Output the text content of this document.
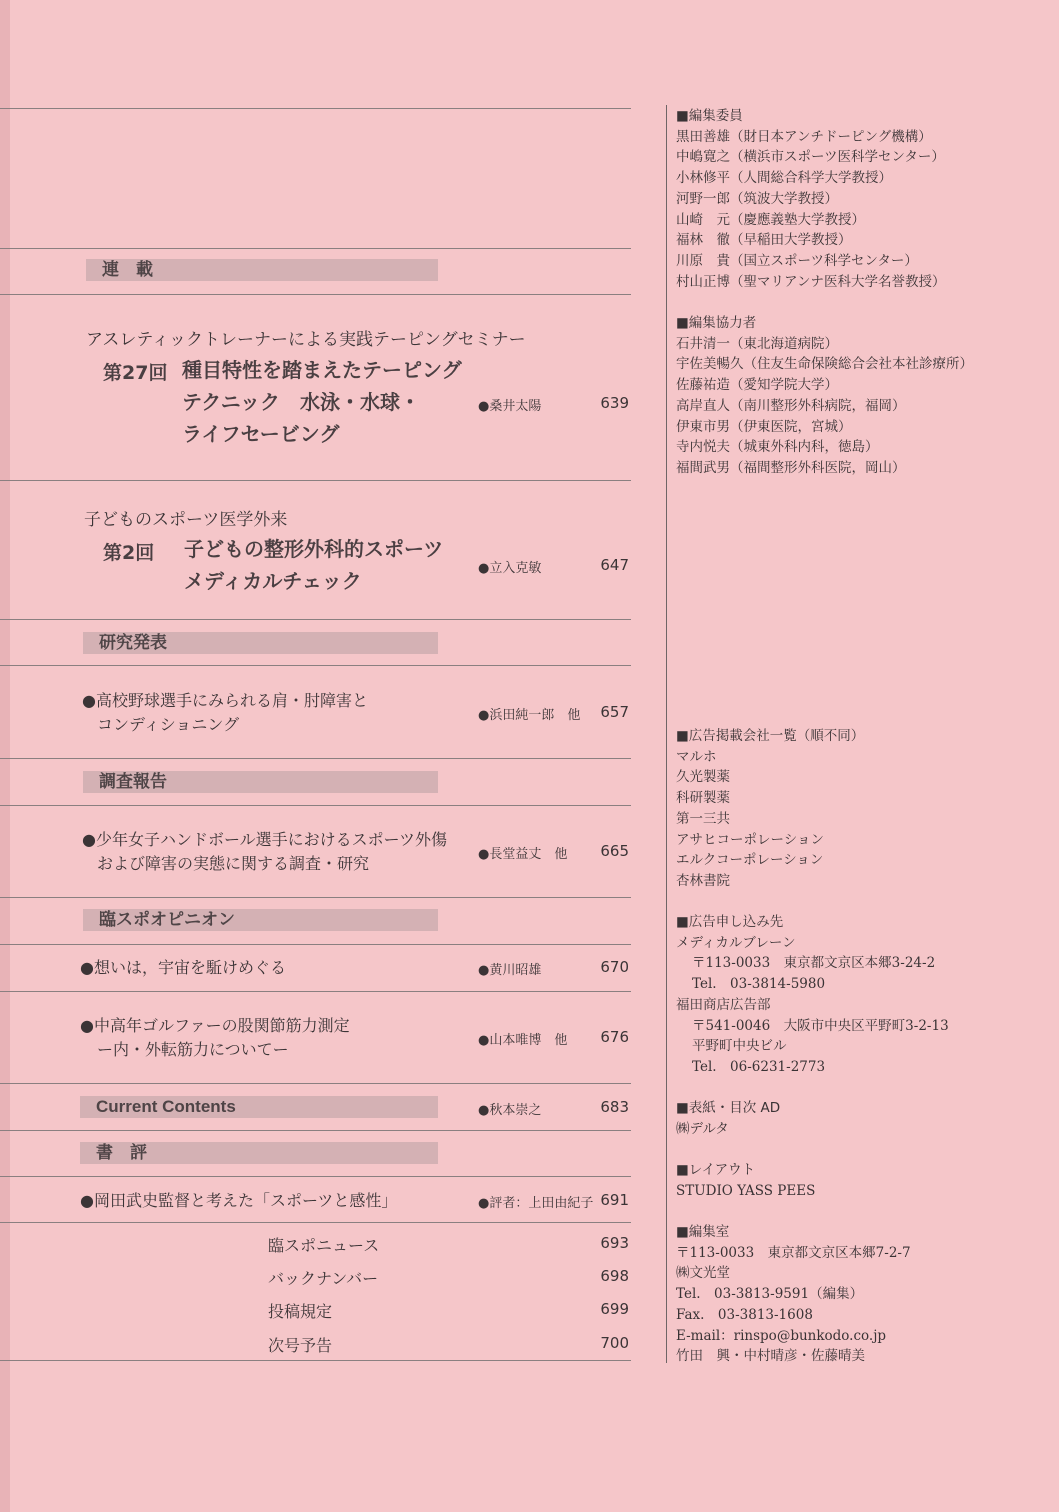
連　載
アスレティックトレーナーによる実践テーピングセミナー
第27回 種目特性を踏まえたテーピング
テクニック　水泳・水球・
ライフセービング
●桑井太陽	639
子どものスポーツ医学外来
第2回 子どもの整形外科的スポーツ
メディカルチェック
●立入克敏	647
研究発表
●高校野球選手にみられる肩・肘障害と
コンディショニング	●浜田純一郎　他	657
調査報告
●少年女子ハンドボール選手におけるスポーツ外傷
および障害の実態に関する調査・研究	●長堂益丈　他	665
臨スポオピニオン
●想いは，宇宙を駈けめぐる	●黄川昭雄	670
●中高年ゴルファーの股関節筋力測定
ー内・外転筋力についてー	●山本唯博　他	676
Current Contents	●秋本崇之	683
書　評
●岡田武史監督と考えた「スポーツと感性」	●評者：上田由紀子 691
臨スポニュース	693
バックナンバー	698
投稿規定	699
次号予告	700
■編集委員
黒田善雄（財日本アンチドーピング機構）
中嶋寛之（横浜市スポーツ医科学センター）
小林修平（人間総合科学大学教授）
河野一郎（筑波大学教授）
山崎　元（慶應義塾大学教授）
福林　徹（早稲田大学教授）
川原　貴（国立スポーツ科学センター）
村山正博（聖マリアンナ医科大学名誉教授）
■編集協力者
石井清一（東北海道病院）
宇佐美暢久（住友生命保険総合会社本社診療所）
佐藤祐造（愛知学院大学）
高岸直人（南川整形外科病院，福岡）
伊東市男（伊東医院，宮城）
寺内悦夫（城東外科内科，徳島）
福間武男（福間整形外科医院，岡山）
■広告掲載会社一覧（順不同）
マルホ
久光製薬
科研製薬
第一三共
アサヒコーポレーション
エルクコーポレーション
杏林書院
■広告申し込み先
メディカルブレーン
〒113-0033　東京都文京区本郷3-24-2
Tel.　03-3814-5980
福田商店広告部
〒541-0046　大阪市中央区平野町3-2-13
平野町中央ビル
Tel.　06-6231-2773
■表紙・目次 AD
㈱デルタ
■レイアウト
STUDIO YASS PEES
■編集室
〒113-0033　東京都文京区本郷7-2-7
㈱文光堂
Tel.　03-3813-9591（編集）
Fax.　03-3813-1608
E-mail：rinspo@bunkodo.co.jp
竹田　興・中村晴彦・佐藤晴美
